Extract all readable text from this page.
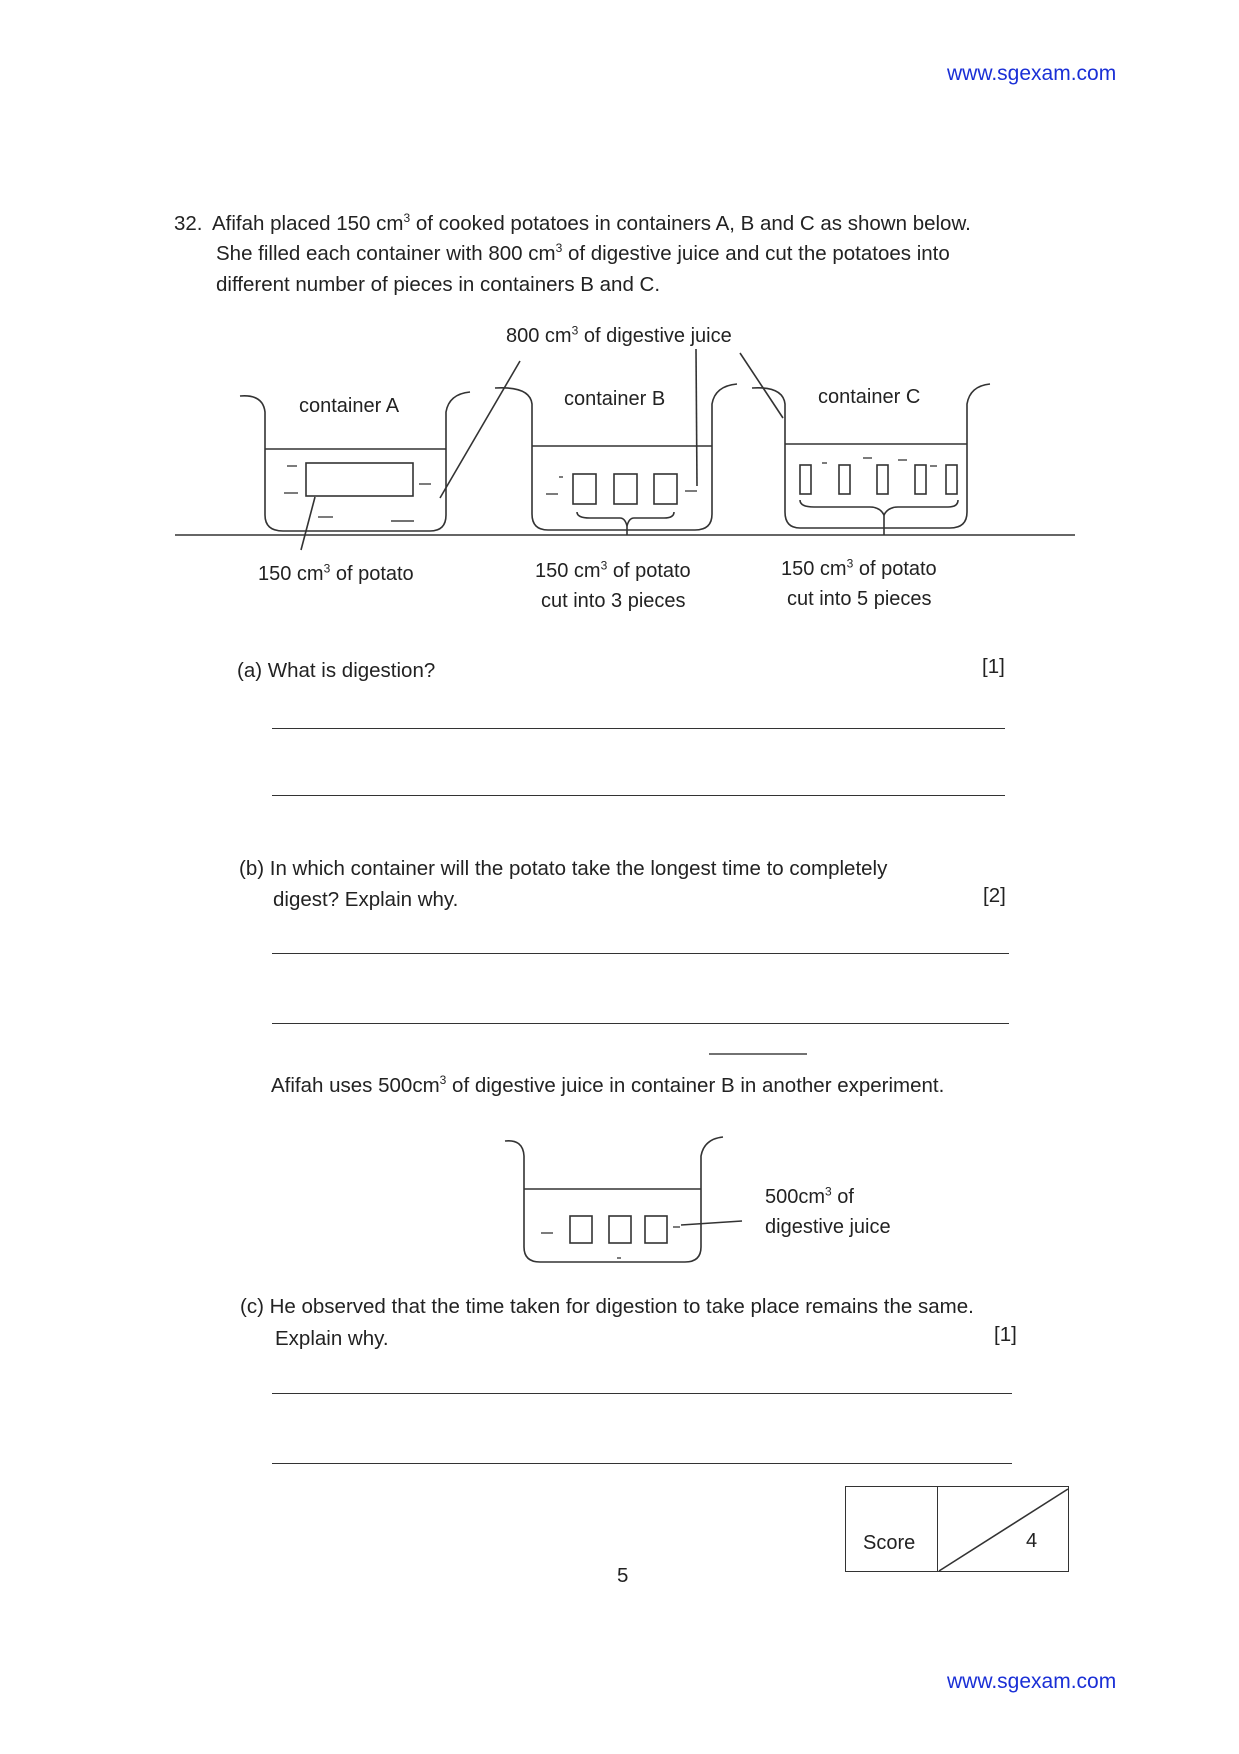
www.sgexam.com
32. Afifah placed 150 $cm^3$ of cooked potatoes in containers A, B and C as shown below.
She filled each container with 800 $cm^3$ of digestive juice and cut the potatoes into
different number of pieces in containers B and C.
800 $cm^3$ of digestive juice
container A	container B	container C
150 $cm^3$ of potato	150 $cm^3$ of potato
cut into 3 pieces
150 $cm^3$ of potato
cut into 5 pieces
(a) What is digestion?	[1]
(b) In which container will the potato take the longest time to completely
digest? Explain why.	[2]
Afifah uses $500cm^3$ of digestive juice in container B in another experiment.
$500cm^3$ of
digestive juice
(c) He observed that the time taken for digestion to take place remains the same.
Explain why.	[1]
5
Score	4
www.sgexam.com
